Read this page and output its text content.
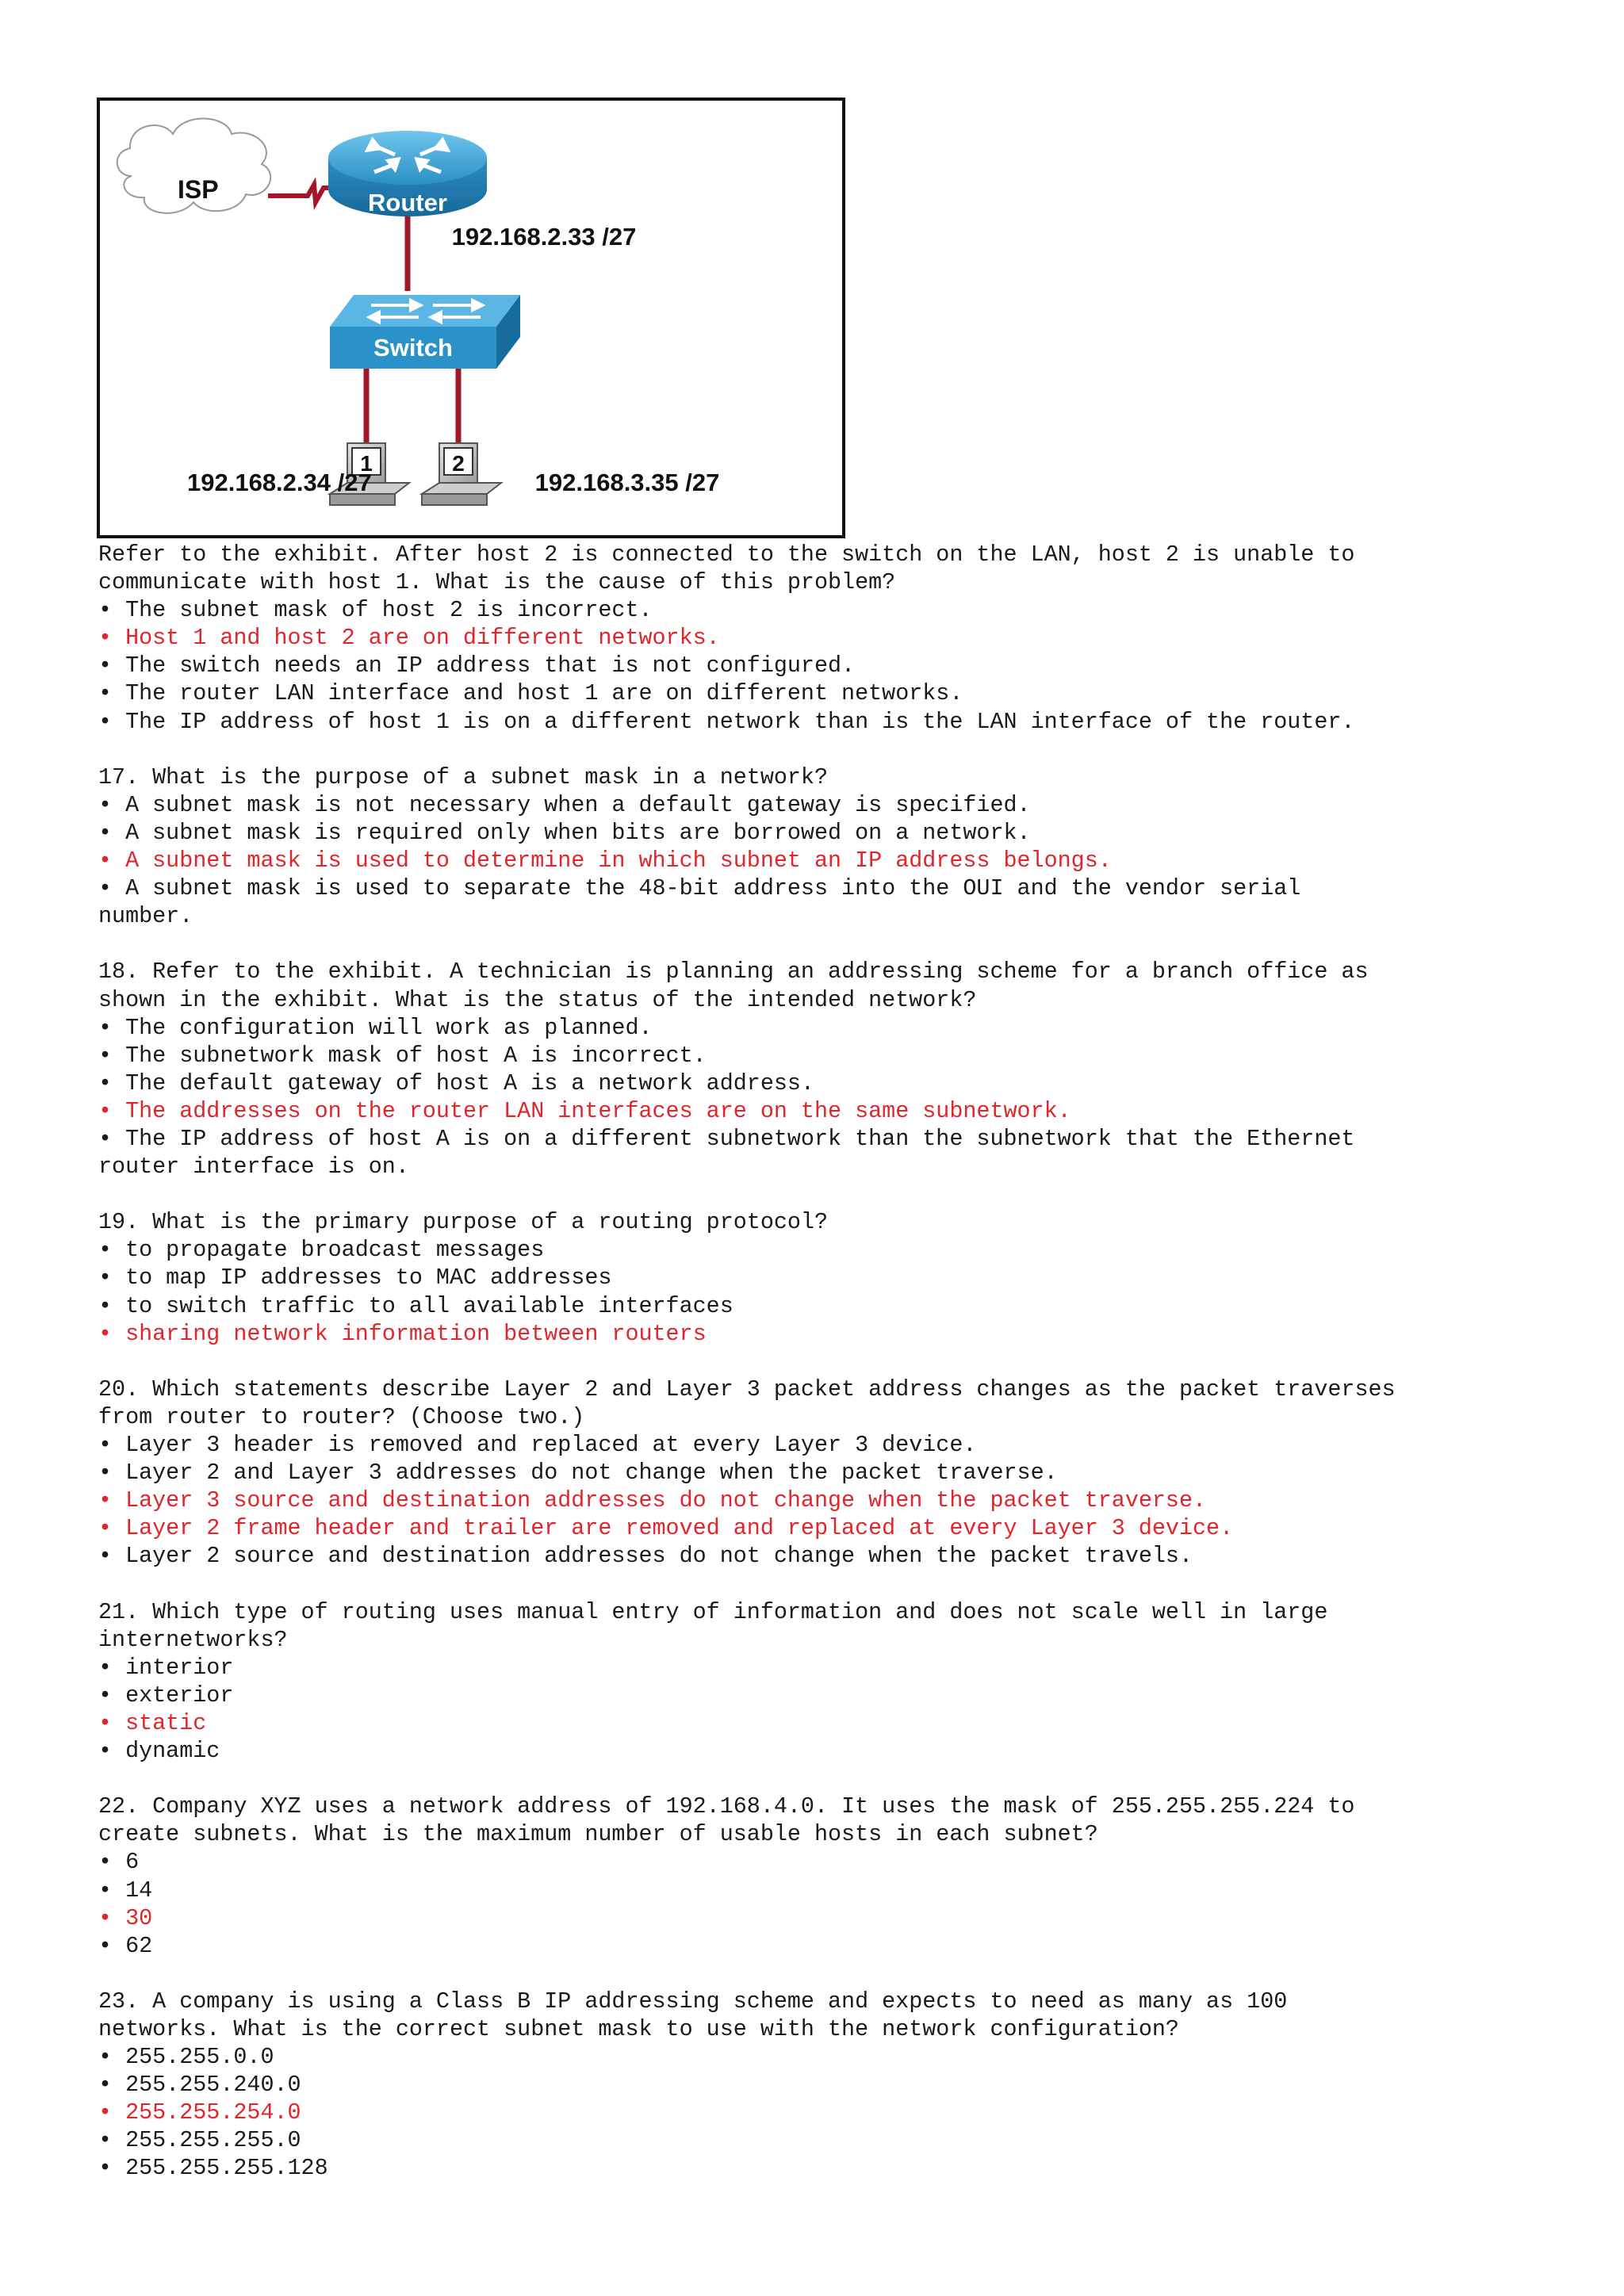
ISP	Router
192.168.2.33 /27
Switch
1	2
192.168.2.34 /27	192.168.3.35 /27
Refer to the exhibit. After host 2 is connected to the switch on the LAN, host 2 is unable to
communicate with host 1. What is the cause of this problem?
• The subnet mask of host 2 is incorrect.
• Host 1 and host 2 are on different networks.
• The switch needs an IP address that is not configured.
• The router LAN interface and host 1 are on different networks.
• The IP address of host 1 is on a different network than is the LAN interface of the router.
17. What is the purpose of a subnet mask in a network?
• A subnet mask is not necessary when a default gateway is specified.
• A subnet mask is required only when bits are borrowed on a network.
• A subnet mask is used to determine in which subnet an IP address belongs.
• A subnet mask is used to separate the 48-bit address into the OUI and the vendor serial
number.
18. Refer to the exhibit. A technician is planning an addressing scheme for a branch office as
shown in the exhibit. What is the status of the intended network?
• The configuration will work as planned.
• The subnetwork mask of host A is incorrect.
• The default gateway of host A is a network address.
• The addresses on the router LAN interfaces are on the same subnetwork.
• The IP address of host A is on a different subnetwork than the subnetwork that the Ethernet
router interface is on.
19. What is the primary purpose of a routing protocol?
• to propagate broadcast messages
• to map IP addresses to MAC addresses
• to switch traffic to all available interfaces
• sharing network information between routers
20. Which statements describe Layer 2 and Layer 3 packet address changes as the packet traverses
from router to router? (Choose two.)
• Layer 3 header is removed and replaced at every Layer 3 device.
• Layer 2 and Layer 3 addresses do not change when the packet traverse.
• Layer 3 source and destination addresses do not change when the packet traverse.
• Layer 2 frame header and trailer are removed and replaced at every Layer 3 device.
• Layer 2 source and destination addresses do not change when the packet travels.
21. Which type of routing uses manual entry of information and does not scale well in large
internetworks?
• interior
• exterior
• static
• dynamic
22. Company XYZ uses a network address of 192.168.4.0. It uses the mask of 255.255.255.224 to
create subnets. What is the maximum number of usable hosts in each subnet?
• 6
• 14
• 30
• 62
23. A company is using a Class B IP addressing scheme and expects to need as many as 100
networks. What is the correct subnet mask to use with the network configuration?
• 255.255.0.0
• 255.255.240.0
• 255.255.254.0
• 255.255.255.0
• 255.255.255.128
